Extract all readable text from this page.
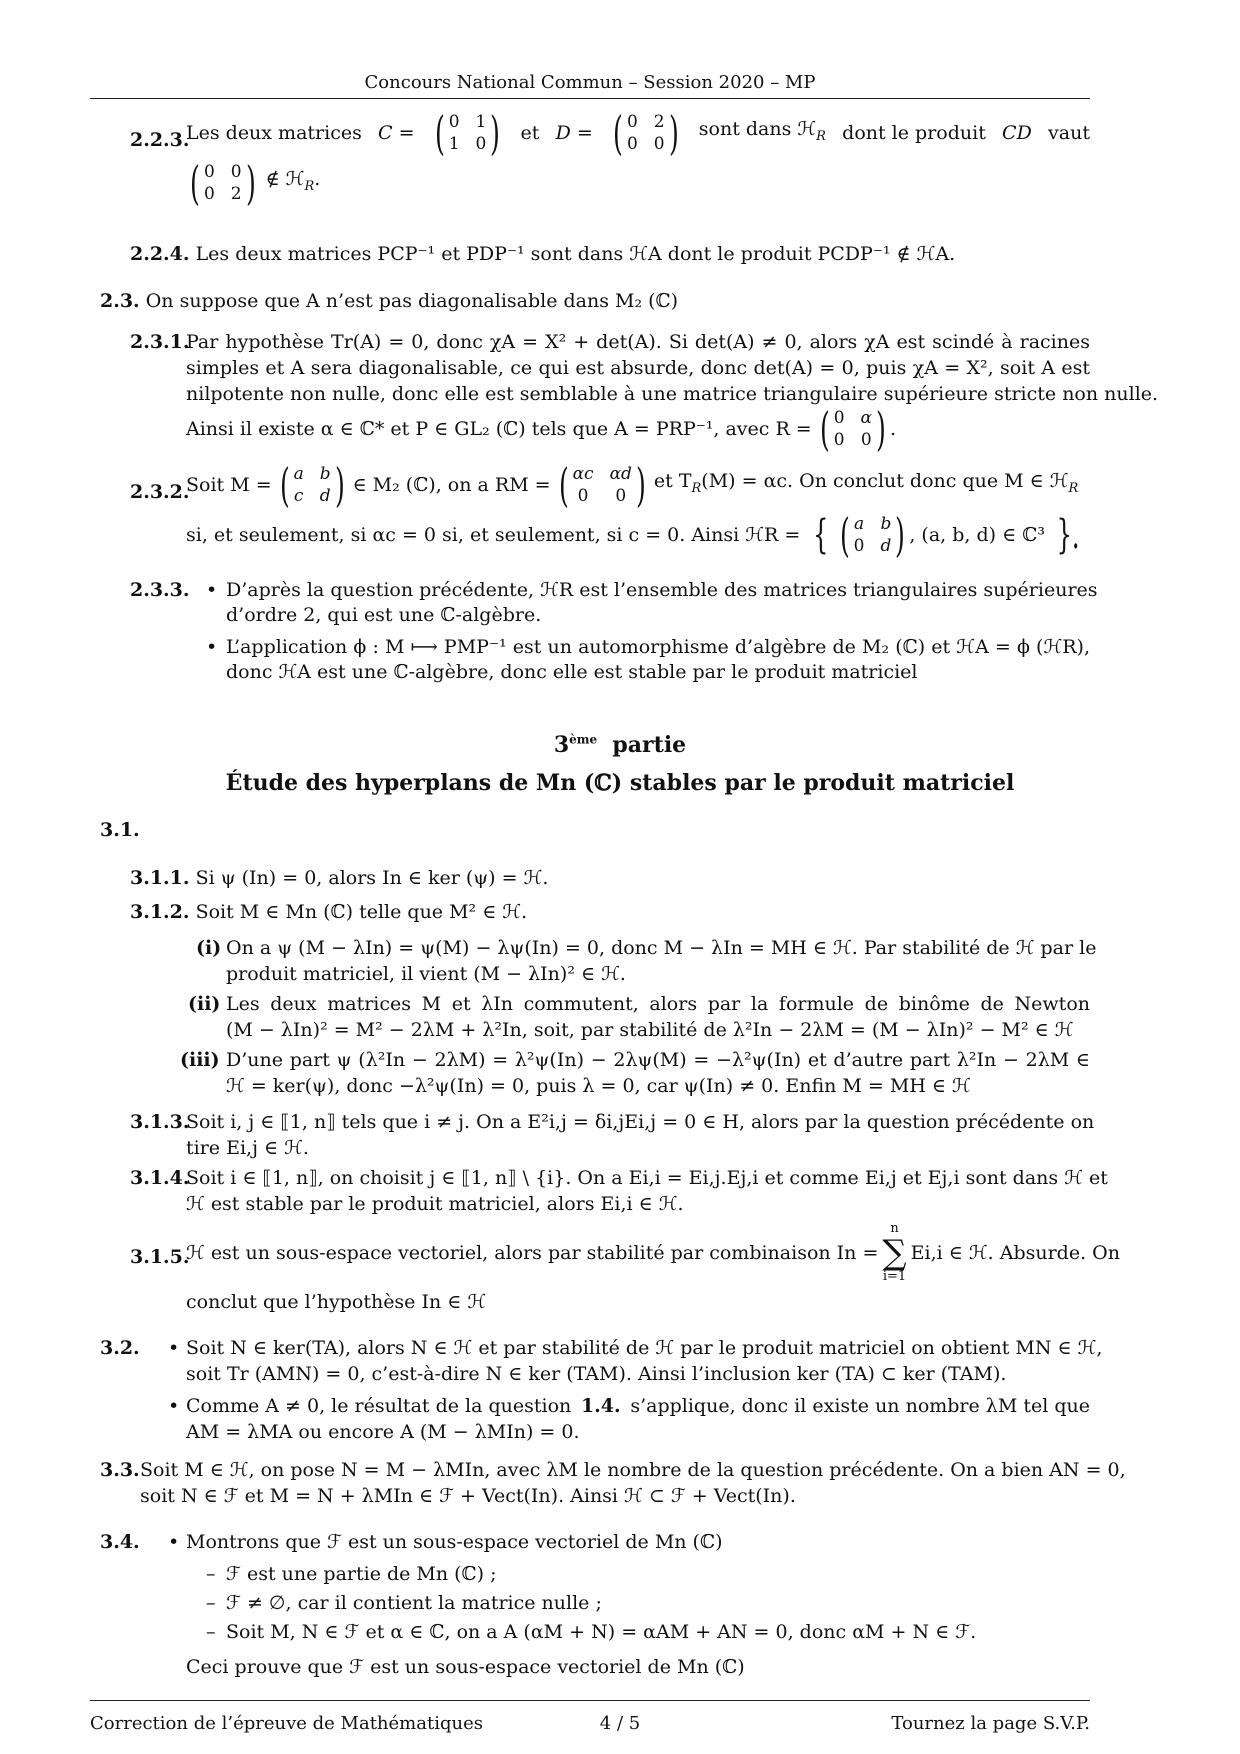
Concours National Commun – Session 2020 – MP
2.2.3.
Les deux matrices C = ( 0 1
1 0 ) et D = ( 0 2
0 0 ) sont dans ℋ$_R$ dont le produit CD vaut
( 0 0
0 2 ) ∉ ℋ$_R$.
2.2.4. Les deux matrices PCP⁻¹ et PDP⁻¹ sont dans ℋA dont le produit PCDP⁻¹ ∉ ℋA.
2.3. On suppose que A n’est pas diagonalisable dans M₂ (ℂ)
2.3.1.
Par hypothèse Tr(A) = 0, donc χA = X² + det(A). Si det(A) ≠ 0, alors χA est scindé à racines
simples et A sera diagonalisable, ce qui est absurde, donc det(A) = 0, puis χA = X², soit A est
nilpotente non nulle, donc elle est semblable à une matrice triangulaire supérieure stricte non nulle.
Ainsi il existe α ∈ ℂ* et P ∈ GL₂ (ℂ) tels que A = PRP⁻¹, avec R = ( 0 α
0 0 ) .
2.3.2.
Soit M = ( a b
c d ) ∈ M₂ (ℂ), on a RM = ( αc αd
0	0 ) et $T_R(M) = \alpha c$. On conclut donc que M ∈ ℋ$_R$
si, et seulement, si αc = 0 si, et seulement, si c = 0. Ainsi ℋR = { ( a b
0 d ) , (a, b, d) ∈ ℂ³ }.
2.3.3. • D’après la question précédente, ℋR est l’ensemble des matrices triangulaires supérieures
d’ordre 2, qui est une ℂ-algèbre.
• L’application ϕ : M ⟼ PMP⁻¹ est un automorphisme d’algèbre de M₂ (ℂ) et ℋA = ϕ (ℋR),
donc ℋA est une ℂ-algèbre, donc elle est stable par le produit matriciel
3ème partie
Étude des hyperplans de Mn (ℂ) stables par le produit matriciel
3.1.
3.1.1. Si ψ (In) = 0, alors In ∈ ker (ψ) = ℋ.
3.1.2. Soit M ∈ Mn (ℂ) telle que M² ∈ ℋ.
(i) On a ψ (M − λIn) = ψ(M) − λψ(In) = 0, donc M − λIn = MH ∈ ℋ. Par stabilité de ℋ par le
produit matriciel, il vient (M − λIn)² ∈ ℋ.
(ii) Les deux matrices M et λIn commutent, alors par la formule de binôme de Newton
(M − λIn)² = M² − 2λM + λ²In, soit, par stabilité de λ²In − 2λM = (M − λIn)² − M² ∈ ℋ
(iii) D’une part ψ (λ²In − 2λM) = λ²ψ(In) − 2λψ(M) = −λ²ψ(In) et d’autre part λ²In − 2λM ∈
ℋ = ker(ψ), donc −λ²ψ(In) = 0, puis λ = 0, car ψ(In) ≠ 0. Enfin M = MH ∈ ℋ
3.1.3.
Soit i, j ∈ ⟦1, n⟧ tels que i ≠ j. On a E²i,j = δi,jEi,j = 0 ∈ H, alors par la question précédente on
tire Ei,j ∈ ℋ.
3.1.4.
Soit i ∈ ⟦1, n⟧, on choisit j ∈ ⟦1, n⟧ \ {i}. On a Ei,i = Ei,j.Ej,i et comme Ei,j et Ej,i sont dans ℋ et
ℋ est stable par le produit matriciel, alors Ei,i ∈ ℋ.
3.1.5.
ℋ est un sous-espace vectoriel, alors par stabilité par combinaison In =
n
∑
i=1
Ei,i ∈ ℋ. Absurde. On
conclut que l’hypothèse In ∈ ℋ
3.2. • Soit N ∈ ker(TA), alors N ∈ ℋ et par stabilité de ℋ par le produit matriciel on obtient MN ∈ ℋ,
soit Tr (AMN) = 0, c’est-à-dire N ∈ ker (TAM). Ainsi l’inclusion ker (TA) ⊂ ker (TAM).
• Comme A ≠ 0, le résultat de la question 1.4. s’applique, donc il existe un nombre λM tel que
AM = λMA ou encore A (M − λMIn) = 0.
3.3. Soit M ∈ ℋ, on pose N = M − λMIn, avec λM le nombre de la question précédente. On a bien AN = 0,
soit N ∈ ℱ et M = N + λMIn ∈ ℱ + Vect(In). Ainsi ℋ ⊂ ℱ + Vect(In).
3.4. • Montrons que ℱ est un sous-espace vectoriel de Mn (ℂ)
– ℱ est une partie de Mn (ℂ) ;
– ℱ ≠ ∅, car il contient la matrice nulle ;
– Soit M, N ∈ ℱ et α ∈ ℂ, on a A (αM + N) = αAM + AN = 0, donc αM + N ∈ ℱ.
Ceci prouve que ℱ est un sous-espace vectoriel de Mn (ℂ)
Correction de l’épreuve de Mathématiques	4 / 5	Tournez la page S.V.P.
